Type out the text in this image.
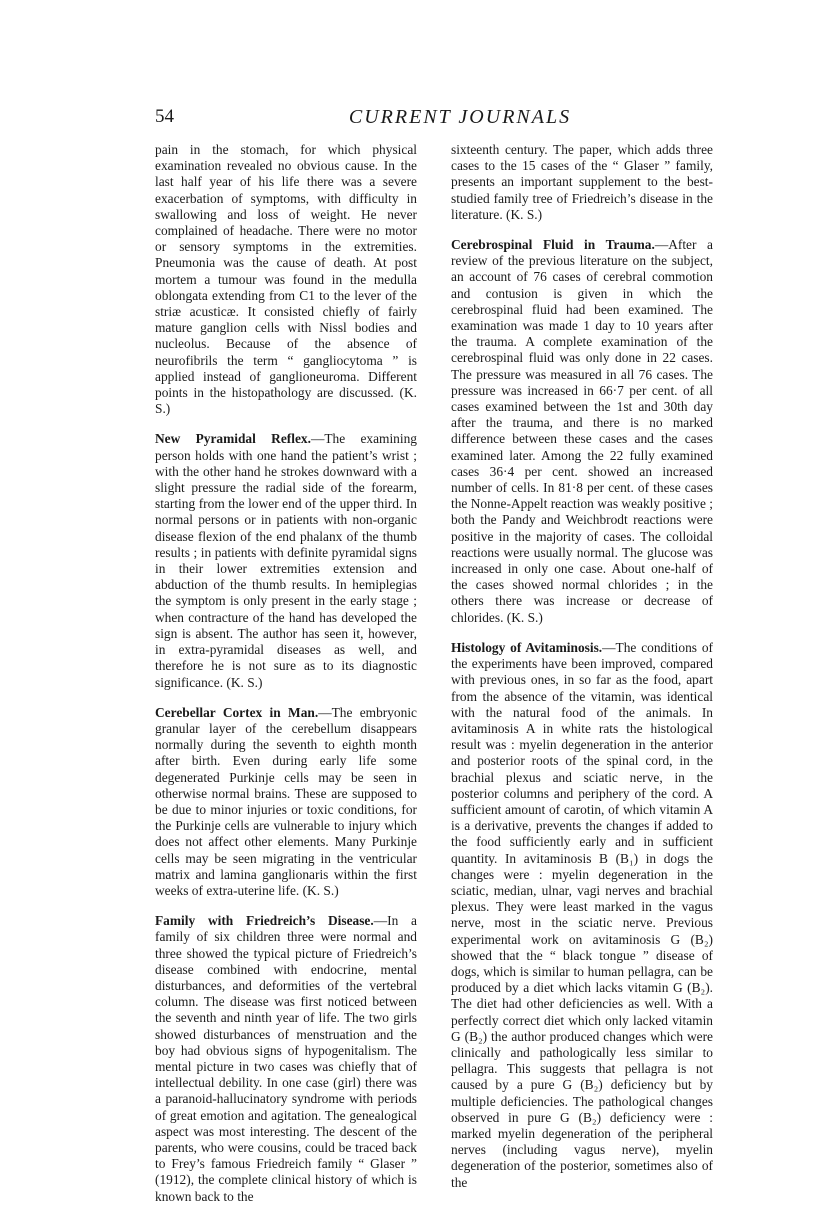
54	CURRENT JOURNALS

pain in the stomach, for which physical examination revealed no obvious cause. In the last half year of his life there was a severe exacerbation of symptoms, with difficulty in swallowing and loss of weight. He never complained of headache. There were no motor or sensory symptoms in the extremities. Pneumonia was the cause of death. At post mortem a tumour was found in the medulla oblongata extending from C1 to the lever of the striæ acusticæ. It consisted chiefly of fairly mature ganglion cells with Nissl bodies and nucleolus. Because of the absence of neurofibrils the term “ gangliocytoma ” is applied instead of ganglioneuroma. Different points in the histopathology are discussed. (K. S.)

New Pyramidal Reflex.—The examining person holds with one hand the patient’s wrist ; with the other hand he strokes downward with a slight pressure the radial side of the forearm, starting from the lower end of the upper third. In normal persons or in patients with non-organic disease flexion of the end phalanx of the thumb results ; in patients with definite pyramidal signs in their lower extremities extension and abduction of the thumb results. In hemiplegias the symptom is only present in the early stage ; when contracture of the hand has developed the sign is absent. The author has seen it, however, in extra-pyramidal diseases as well, and therefore he is not sure as to its diagnostic significance. (K. S.)

Cerebellar Cortex in Man.—The embryonic granular layer of the cerebellum disappears normally during the seventh to eighth month after birth. Even during early life some degenerated Purkinje cells may be seen in otherwise normal brains. These are supposed to be due to minor injuries or toxic conditions, for the Purkinje cells are vulnerable to injury which does not affect other elements. Many Purkinje cells may be seen migrating in the ventricular matrix and lamina ganglionaris within the first weeks of extra-uterine life. (K. S.)

Family with Friedreich’s Disease.—In a family of six children three were normal and three showed the typical picture of Friedreich’s disease combined with endocrine, mental disturbances, and deformities of the vertebral column. The disease was first noticed between the seventh and ninth year of life. The two girls showed disturbances of menstruation and the boy had obvious signs of hypogenitalism. The mental picture in two cases was chiefly that of intellectual debility. In one case (girl) there was a paranoid-hallucinatory syndrome with periods of great emotion and agitation. The genealogical aspect was most interesting. The descent of the parents, who were cousins, could be traced back to Frey’s famous Friedreich family “ Glaser ” (1912), the complete clinical history of which is known back to the

sixteenth century. The paper, which adds three cases to the 15 cases of the “ Glaser ” family, presents an important supplement to the best-studied family tree of Friedreich’s disease in the literature. (K. S.)

Cerebrospinal Fluid in Trauma.—After a review of the previous literature on the subject, an account of 76 cases of cerebral commotion and contusion is given in which the cerebrospinal fluid had been examined. The examination was made 1 day to 10 years after the trauma. A complete examination of the cerebrospinal fluid was only done in 22 cases. The pressure was measured in all 76 cases. The pressure was increased in 66·7 per cent. of all cases examined between the 1st and 30th day after the trauma, and there is no marked difference between these cases and the cases examined later. Among the 22 fully examined cases 36·4 per cent. showed an increased number of cells. In 81·8 per cent. of these cases the Nonne-Appelt reaction was weakly positive ; both the Pandy and Weichbrodt reactions were positive in the majority of cases. The colloidal reactions were usually normal. The glucose was increased in only one case. About one-half of the cases showed normal chlorides ; in the others there was increase or decrease of chlorides. (K. S.)

Histology of Avitaminosis.—The conditions of the experiments have been improved, compared with previous ones, in so far as the food, apart from the absence of the vitamin, was identical with the natural food of the animals. In avitaminosis A in white rats the histological result was : myelin degeneration in the anterior and posterior roots of the spinal cord, in the brachial plexus and sciatic nerve, in the posterior columns and periphery of the cord. A sufficient amount of carotin, of which vitamin A is a derivative, prevents the changes if added to the food sufficiently early and in sufficient quantity. In avitaminosis B (B₁) in dogs the changes were : myelin degeneration in the sciatic, median, ulnar, vagi nerves and brachial plexus. They were least marked in the vagus nerve, most in the sciatic nerve. Previous experimental work on avitaminosis G (B₂) showed that the “ black tongue ” disease of dogs, which is similar to human pellagra, can be produced by a diet which lacks vitamin G (B₂). The diet had other deficiencies as well. With a perfectly correct diet which only lacked vitamin G (B₂) the author produced changes which were clinically and pathologically less similar to pellagra. This suggests that pellagra is not caused by a pure G (B₂) deficiency but by multiple deficiencies. The pathological changes observed in pure G (B₂) deficiency were : marked myelin degeneration of the peripheral nerves (including vagus nerve), myelin degeneration of the posterior, sometimes also of the
